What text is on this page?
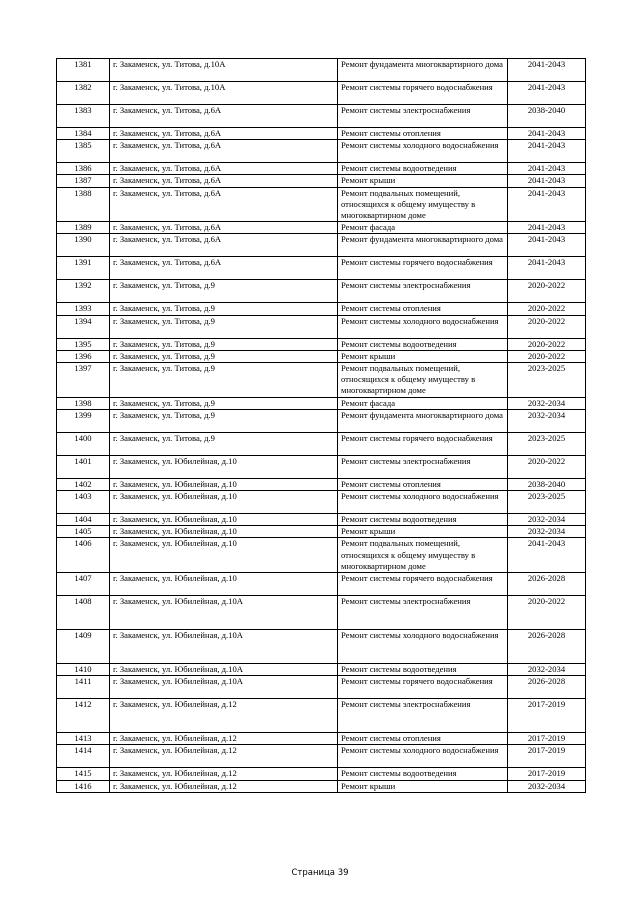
1381	г. Закаменск, ул. Титова, д.10А	Ремонт фундамента многоквартирного дома	2041-2043
1382	г. Закаменск, ул. Титова, д.10А	Ремонт системы горячего водоснабжения	2041-2043
1383	г. Закаменск, ул. Титова, д.6А	Ремонт системы электроснабжения	2038-2040
1384	г. Закаменск, ул. Титова, д.6А	Ремонт системы отопления	2041-2043
1385	г. Закаменск, ул. Титова, д.6А	Ремонт системы холодного водоснабжения	2041-2043
1386	г. Закаменск, ул. Титова, д.6А	Ремонт системы водоотведения	2041-2043
1387	г. Закаменск, ул. Титова, д.6А	Ремонт крыши	2041-2043
1388	г. Закаменск, ул. Титова, д.6А	Ремонт подвальных помещений, относящихся к общему имуществу в многоквартирном доме	2041-2043
1389	г. Закаменск, ул. Титова, д.6А	Ремонт фасада	2041-2043
1390	г. Закаменск, ул. Титова, д.6А	Ремонт фундамента многоквартирного дома	2041-2043
1391	г. Закаменск, ул. Титова, д.6А	Ремонт системы горячего водоснабжения	2041-2043
1392	г. Закаменск, ул. Титова, д.9	Ремонт системы электроснабжения	2020-2022
1393	г. Закаменск, ул. Титова, д.9	Ремонт системы отопления	2020-2022
1394	г. Закаменск, ул. Титова, д.9	Ремонт системы холодного водоснабжения	2020-2022
1395	г. Закаменск, ул. Титова, д.9	Ремонт системы водоотведения	2020-2022
1396	г. Закаменск, ул. Титова, д.9	Ремонт крыши	2020-2022
1397	г. Закаменск, ул. Титова, д.9	Ремонт подвальных помещений, относящихся к общему имуществу в многоквартирном доме	2023-2025
1398	г. Закаменск, ул. Титова, д.9	Ремонт фасада	2032-2034
1399	г. Закаменск, ул. Титова, д.9	Ремонт фундамента многоквартирного дома	2032-2034
1400	г. Закаменск, ул. Титова, д.9	Ремонт системы горячего водоснабжения	2023-2025
1401	г. Закаменск, ул. Юбилейная, д.10	Ремонт системы электроснабжения	2020-2022
1402	г. Закаменск, ул. Юбилейная, д.10	Ремонт системы отопления	2038-2040
1403	г. Закаменск, ул. Юбилейная, д.10	Ремонт системы холодного водоснабжения	2023-2025
1404	г. Закаменск, ул. Юбилейная, д.10	Ремонт системы водоотведения	2032-2034
1405	г. Закаменск, ул. Юбилейная, д.10	Ремонт крыши	2032-2034
1406	г. Закаменск, ул. Юбилейная, д.10	Ремонт подвальных помещений, относящихся к общему имуществу в многоквартирном доме	2041-2043
1407	г. Закаменск, ул. Юбилейная, д.10	Ремонт системы горячего водоснабжения	2026-2028
1408	г. Закаменск, ул. Юбилейная, д.10А	Ремонт системы электроснабжения	2020-2022
1409	г. Закаменск, ул. Юбилейная, д.10А	Ремонт системы холодного водоснабжения	2026-2028
1410	г. Закаменск, ул. Юбилейная, д.10А	Ремонт системы водоотведения	2032-2034
1411	г. Закаменск, ул. Юбилейная, д.10А	Ремонт системы горячего водоснабжения	2026-2028
1412	г. Закаменск, ул. Юбилейная, д.12	Ремонт системы электроснабжения	2017-2019
1413	г. Закаменск, ул. Юбилейная, д.12	Ремонт системы отопления	2017-2019
1414	г. Закаменск, ул. Юбилейная, д.12	Ремонт системы холодного водоснабжения	2017-2019
1415	г. Закаменск, ул. Юбилейная, д.12	Ремонт системы водоотведения	2017-2019
1416	г. Закаменск, ул. Юбилейная, д.12	Ремонт крыши	2032-2034
Страница 39
